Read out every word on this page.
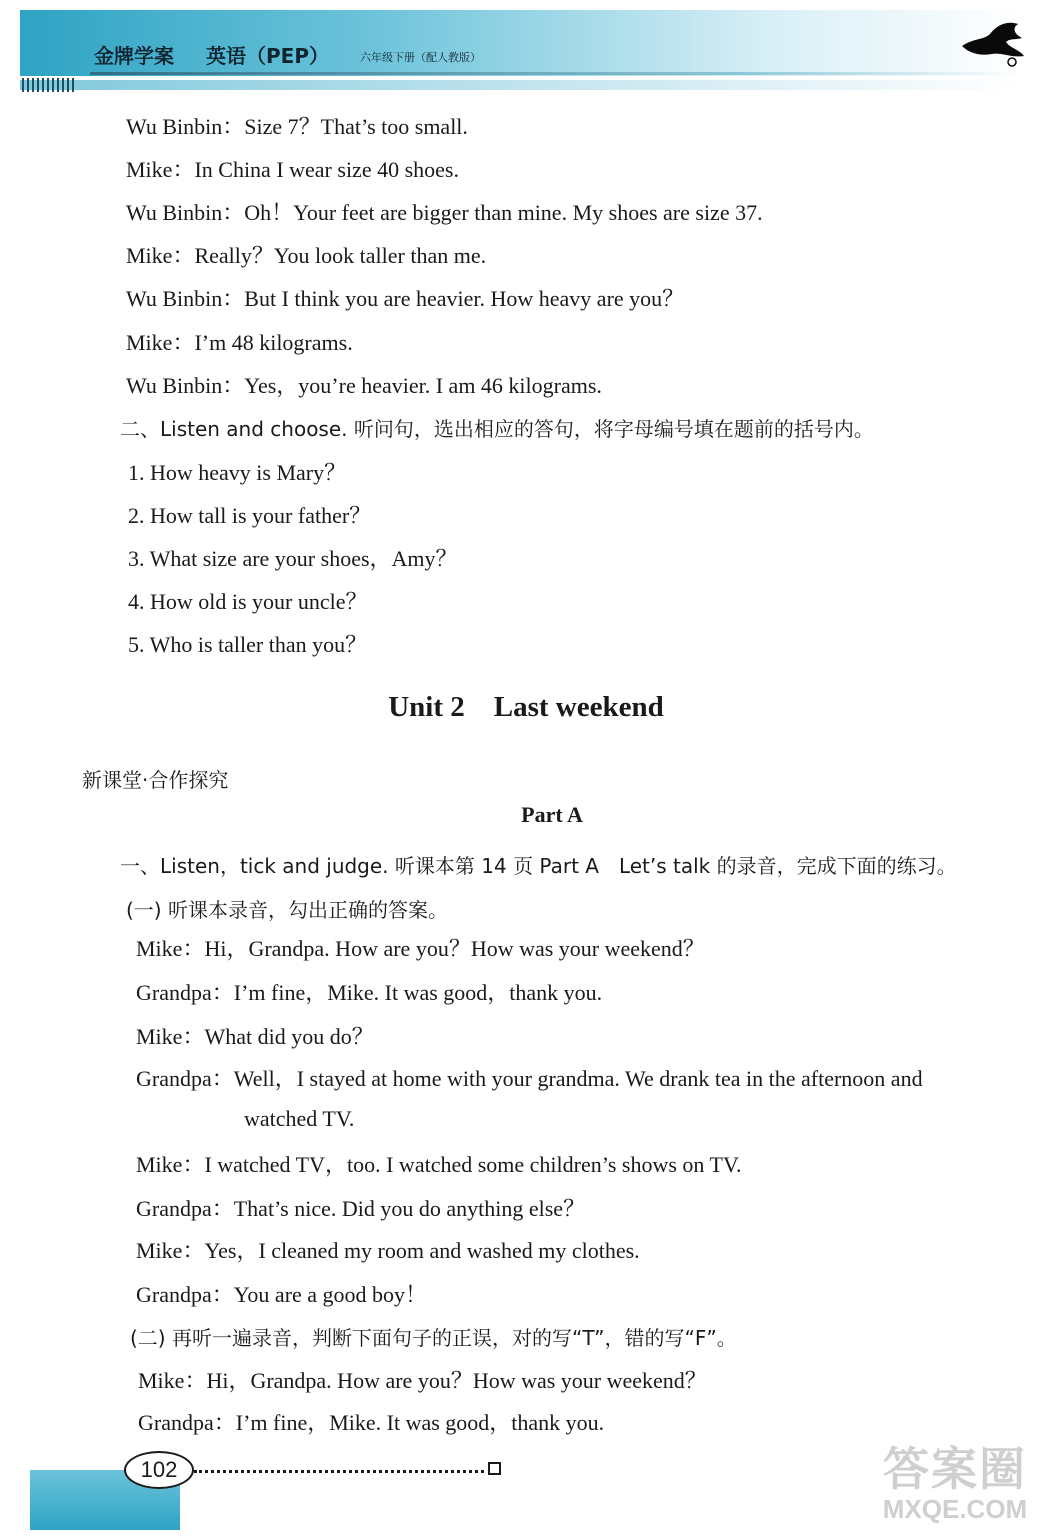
金牌学案 英语（PEP）	六年级下册（配人教版）
Wu Binbin：Size 7？That’s too small.
Mike：In China I wear size 40 shoes.
Wu Binbin：Oh！Your feet are bigger than mine. My shoes are size 37.
Mike：Really？You look taller than me.
Wu Binbin：But I think you are heavier. How heavy are you？
Mike：I’m 48 kilograms.
Wu Binbin：Yes，you’re heavier. I am 46 kilograms.
二、Listen and choose. 听问句，选出相应的答句，将字母编号填在题前的括号内。
1. How heavy is Mary？
2. How tall is your father？
3. What size are your shoes，Amy？
4. How old is your uncle？
5. Who is taller than you？
Unit 2　Last weekend
新课堂·合作探究
Part A
一、Listen，tick and judge. 听课本第 14 页 Part A　Let’s talk 的录音，完成下面的练习。
(一) 听课本录音，勾出正确的答案。
Mike：Hi，Grandpa. How are you？How was your weekend？
Grandpa：I’m fine，Mike. It was good，thank you.
Mike：What did you do？
Grandpa：Well，I stayed at home with your grandma. We drank tea in the afternoon and
watched TV.
Mike：I watched TV，too. I watched some children’s shows on TV.
Grandpa：That’s nice. Did you do anything else？
Mike：Yes，I cleaned my room and washed my clothes.
Grandpa：You are a good boy！
(二) 再听一遍录音，判断下面句子的正误，对的写“T”，错的写“F”。
Mike：Hi，Grandpa. How are you？How was your weekend？
Grandpa：I’m fine，Mike. It was good，thank you.
102	答案圈
MXQE.COM
